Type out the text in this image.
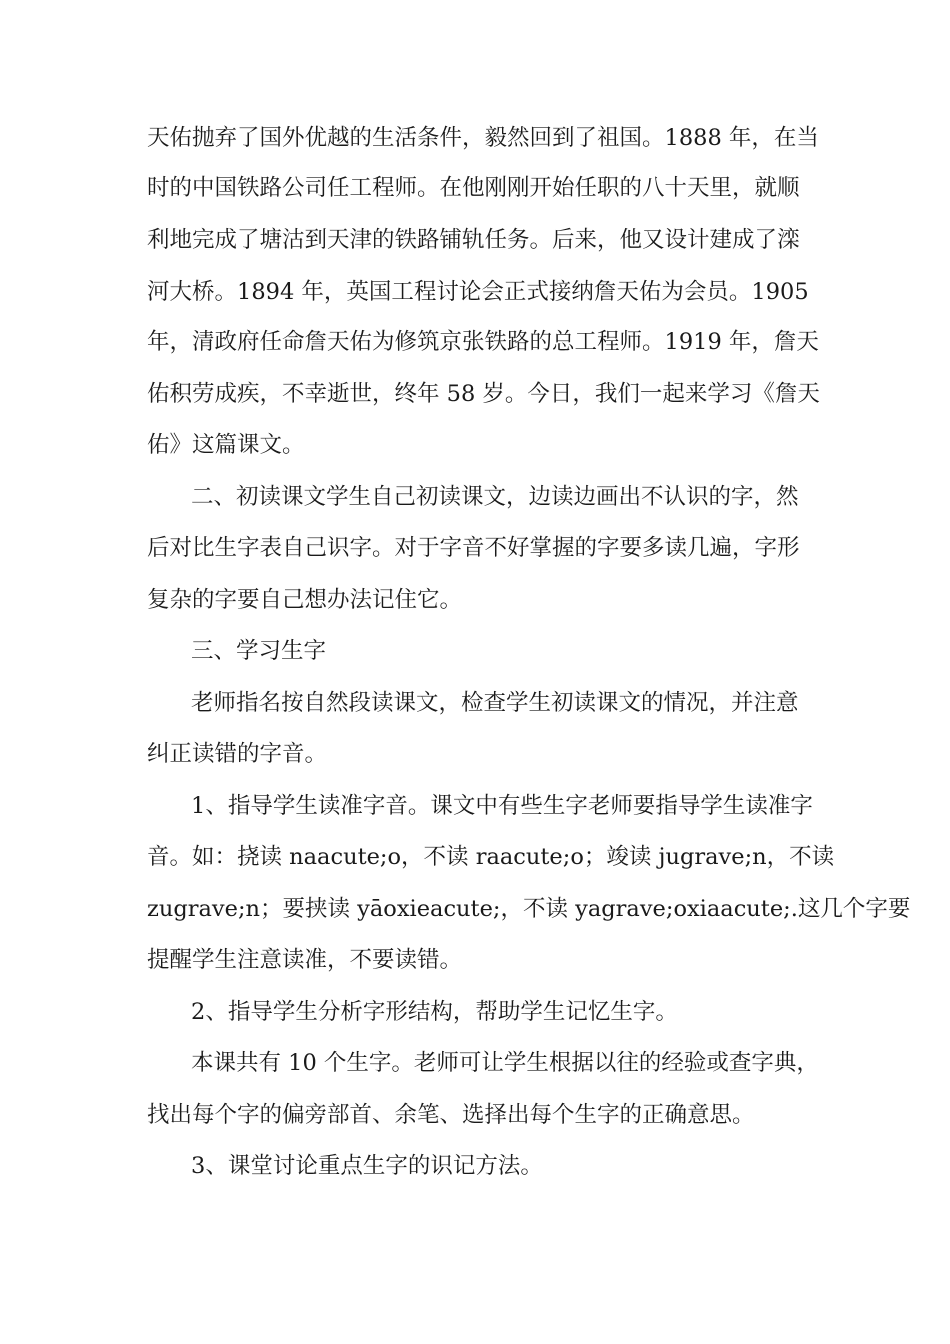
天佑抛弃了国外优越的生活条件，毅然回到了祖国。1888 年，在当
时的中国铁路公司任工程师。在他刚刚开始任职的八十天里，就顺
利地完成了塘沽到天津的铁路铺轨任务。后来，他又设计建成了滦
河大桥。1894 年，英国工程讨论会正式接纳詹天佑为会员。1905
年，清政府任命詹天佑为修筑京张铁路的总工程师。1919 年，詹天
佑积劳成疾，不幸逝世，终年 58 岁。今日，我们一起来学习《詹天
佑》这篇课文。
二、初读课文学生自己初读课文，边读边画出不认识的字，然
后对比生字表自己识字。对于字音不好掌握的字要多读几遍，字形
复杂的字要自己想办法记住它。
三、学习生字
老师指名按自然段读课文，检查学生初读课文的情况，并注意
纠正读错的字音。
1、指导学生读准字音。课文中有些生字老师要指导学生读准字
音。如：挠读 naacute;o，不读 raacute;o；竣读 jugrave;n，不读
zugrave;n；要挟读 yāoxieacute;，不读 yagrave;oxiaacute;.这几个字要
提醒学生注意读准，不要读错。
2、指导学生分析字形结构，帮助学生记忆生字。
本课共有 10 个生字。老师可让学生根据以往的经验或查字典，
找出每个字的偏旁部首、余笔、选择出每个生字的正确意思。
3、课堂讨论重点生字的识记方法。
